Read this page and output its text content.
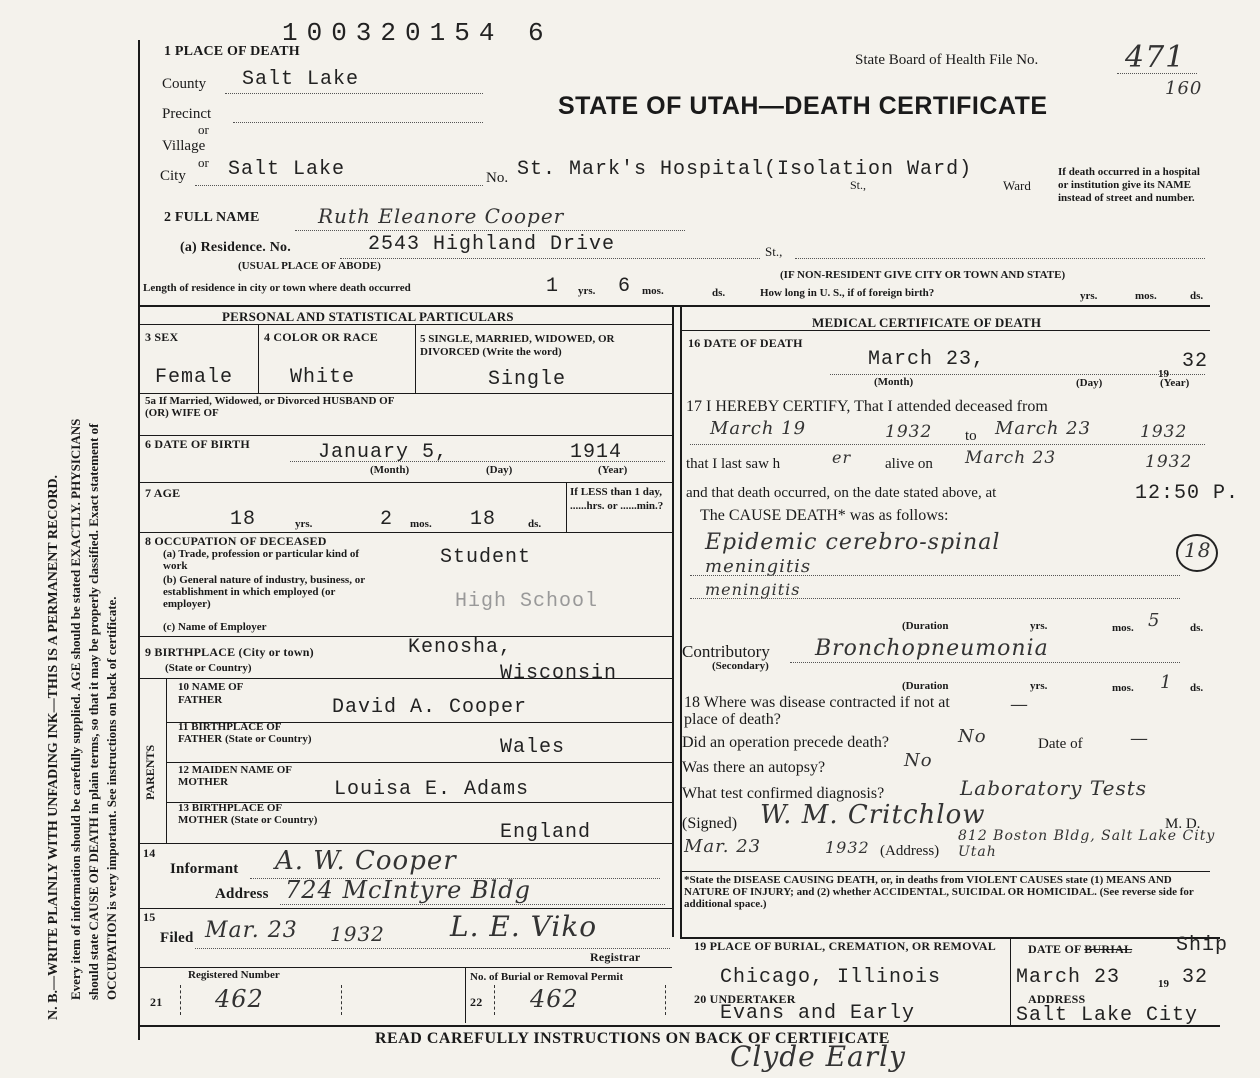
N. B.—WRITE PLAINLY WITH UNFADING INK—THIS IS A PERMANENT RECORD. Every item of information should be carefully supplied. AGE should be stated EXACTLY. PHYSICIANS should state CAUSE OF DEATH in plain terms, so that it may be properly classified. Exact statement of OCCUPATION is very important. See instructions on back of certificate.
100320154 6
State Board of Health File No.	471
160
STATE OF UTAH—DEATH CERTIFICATE
1 PLACE OF DEATH
County Salt Lake
Precinct
or
Village
or
City Salt Lake	No. St. Mark's Hospital(Isolation Ward)
St.,	Ward
If death occurred in a hospital or institution give its NAME instead of street and number.
2 FULL NAME	Ruth Eleanore Cooper
(a) Residence. No.	2543 Highland Drive	St.,
(USUAL PLACE OF ABODE)
(IF NON-RESIDENT GIVE CITY OR TOWN AND STATE)
Length of residence in city or town where death occurred	1 yrs. 6 mos.	ds.	How long in U. S., if of foreign birth?	yrs.	mos.	ds.
PERSONAL AND STATISTICAL PARTICULARS
3 SEX
Female
4 COLOR OR RACE
White
5 SINGLE, MARRIED, WIDOWED, OR DIVORCED (Write the word)
Single
5a If Married, Widowed, or Divorced HUSBAND OF (OR) WIFE OF
6 DATE OF BIRTH	January 5,	1914
(Month)	(Day)	(Year)
7 AGE
18	yrs.	2 mos. 18	ds.
If LESS than 1 day, ......hrs. or ......min.?
8 OCCUPATION OF DECEASED
(a) Trade, profession or particular kind of work	Student
(b) General nature of industry, business, or establishment in which employed (or employer)	High School
(c) Name of Employer
9 BIRTHPLACE (City or town)
(State or Country)
Kenosha,
Wisconsin
PARENTS
10 NAME OF FATHER	David A. Cooper
11 BIRTHPLACE OF FATHER (State or Country)	Wales
12 MAIDEN NAME OF MOTHER	Louisa E. Adams
13 BIRTHPLACE OF MOTHER (State or Country)
England
14
Informant A. W. Cooper
Address 724 McIntyre Bldg
15
Filed Mar. 23 1932 L. E. Viko
Registrar
Registered Number
21 462
No. of Burial or Removal Permit
22 462
MEDICAL CERTIFICATE OF DEATH
16 DATE OF DEATH
March 23,
19
32
(Month)	(Day)	(Year)
17 I HEREBY CERTIFY, That I attended deceased from
March 19	1932 to March 23	1932
that I last saw h	er alive on March 23	1932
and that death occurred, on the date stated above, at	12:50 P.
The CAUSE DEATH* was as follows:
Epidemic cerebro-spinal	18
meningitis
meningitis
(Duration	yrs.	mos. 5	ds.
Contributory
(Secondary)
Bronchopneumonia
(Duration	yrs.	mos. 1 ds.
18 Where was disease contracted if not at place of death?
—
Did an operation precede death?	No	Date of	—
Was there an autopsy?	No
What test confirmed diagnosis?	Laboratory Tests
(Signed) W. M. Critchlow	M. D.
Mar. 23	1932 (Address)
812 Boston Bldg, Salt Lake City Utah
*State the DISEASE CAUSING DEATH, or, in deaths from VIOLENT CAUSES state (1) MEANS AND NATURE OF INJURY; and (2) whether ACCIDENTAL, SUICIDAL OR HOMICIDAL. (See reverse side for additional space.)
19 PLACE OF BURIAL, CREMATION, OR REMOVAL
Chicago, Illinois
DATE OF BURIAL Ship
March 23	19 32
20 UNDERTAKER
Evans and Early
ADDRESS
Salt Lake City
READ CAREFULLY INSTRUCTIONS ON BACK OF CERTIFICATE
Clyde Early
